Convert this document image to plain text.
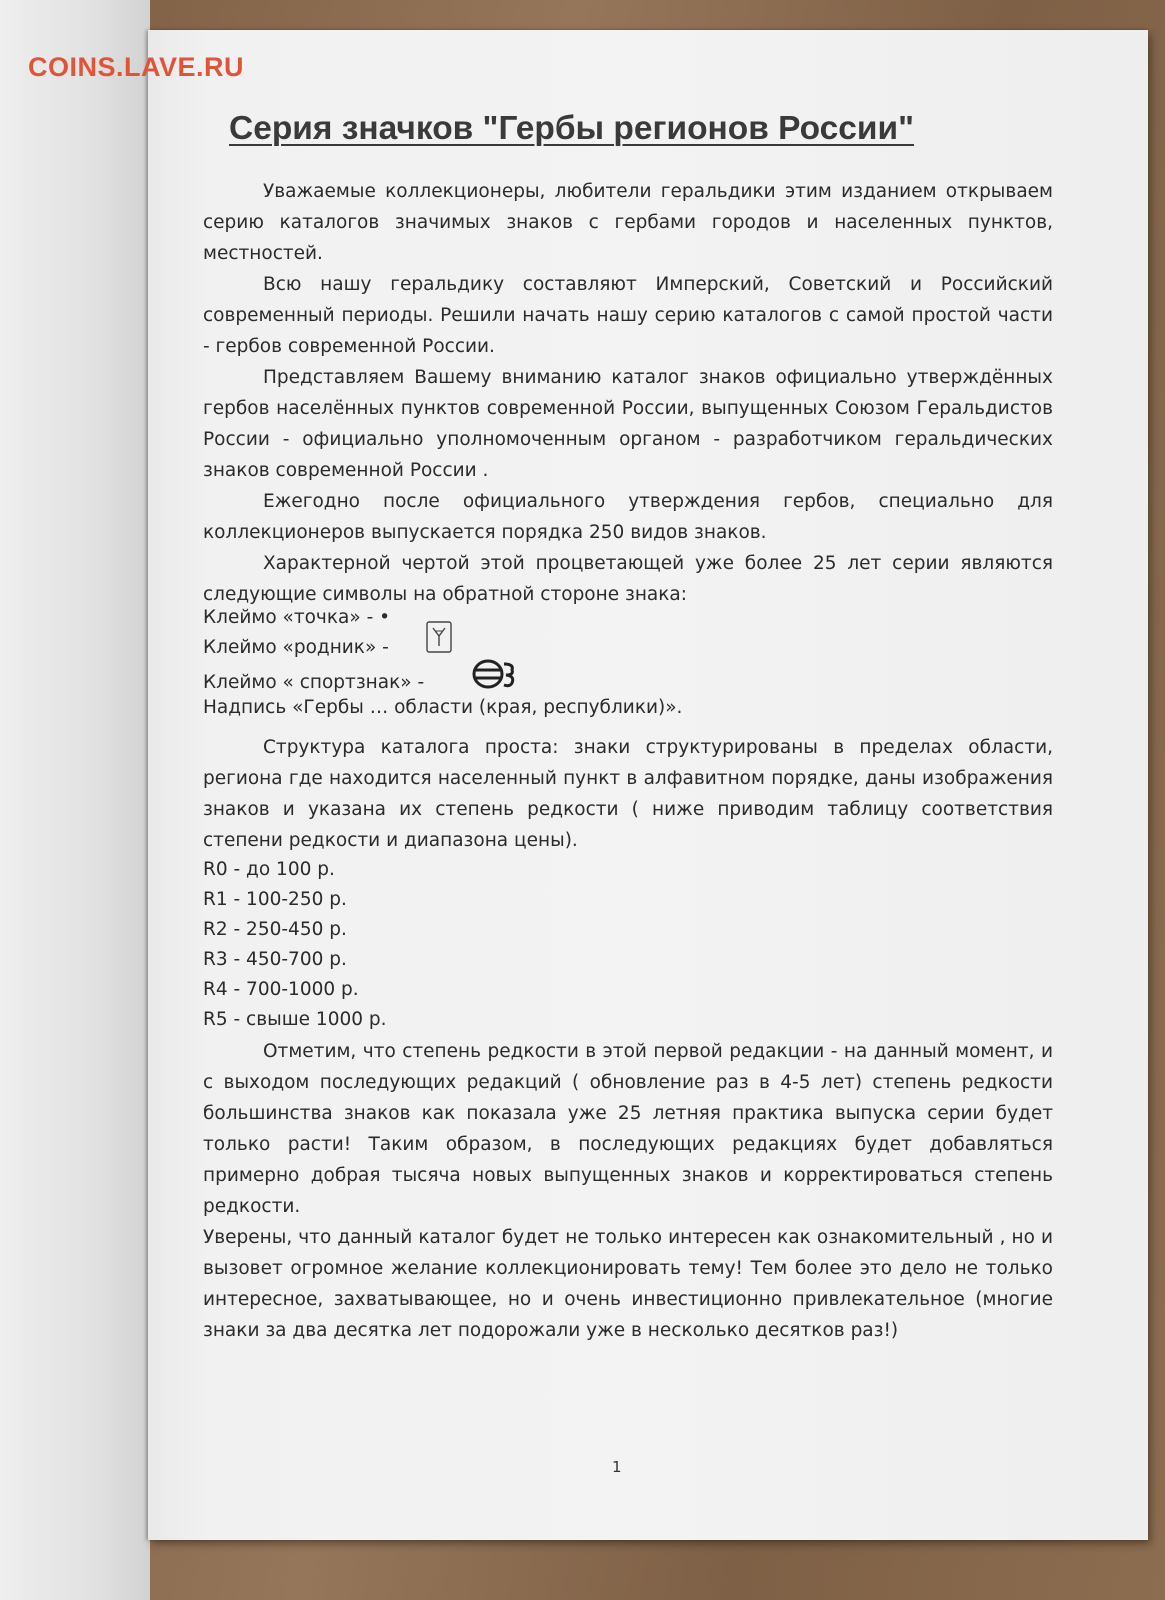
COINS.LAVE.RU
Серия значков "Гербы регионов России"

Уважаемые коллекционеры, любители геральдики этим изданием открываем серию каталогов значимых знаков с гербами городов и населенных пунктов, местностей.

Всю нашу геральдику составляют Имперский, Советский и Российский современный периоды. Решили начать нашу серию каталогов с самой простой части - гербов современной России.

Представляем Вашему вниманию каталог знаков официально утверждённых гербов населённых пунктов современной России, выпущенных Союзом Геральдистов России - официально уполномоченным органом - разработчиком геральдических знаков современной России .

Ежегодно после официального утверждения гербов, специально для коллекционеров выпускается порядка 250 видов знаков.

Характерной чертой этой процветающей уже более 25 лет серии являются следующие символы на обратной стороне знака:

Клеймо «точка» - •
Клеймо «родник» -
Клеймо « спортзнак» -
Надпись «Гербы … области (края, республики)».

Структура каталога проста: знаки структурированы в пределах области, региона где находится населенный пункт в алфавитном порядке, даны изображения знаков и указана их степень редкости ( ниже приводим таблицу соответствия степени редкости и диапазона цены).

R0 - до 100 р.
R1 - 100-250 р.
R2 - 250-450 р.
R3 - 450-700 р.
R4 - 700-1000 р.
R5 - свыше 1000 р.

Отметим, что степень редкости в этой первой редакции - на данный момент, и с выходом последующих редакций ( обновление раз в 4-5 лет) степень редкости большинства знаков как показала уже 25 летняя практика выпуска серии будет только расти! Таким образом, в последующих редакциях будет добавляться примерно добрая тысяча новых выпущенных знаков и корректироваться степень редкости.

Уверены, что данный каталог будет не только интересен как ознакомительный , но и вызовет огромное желание коллекционировать тему! Тем более это дело не только интересное, захватывающее, но и очень инвестиционно привлекательное (многие знаки за два десятка лет подорожали уже в несколько десятков раз!)

1
